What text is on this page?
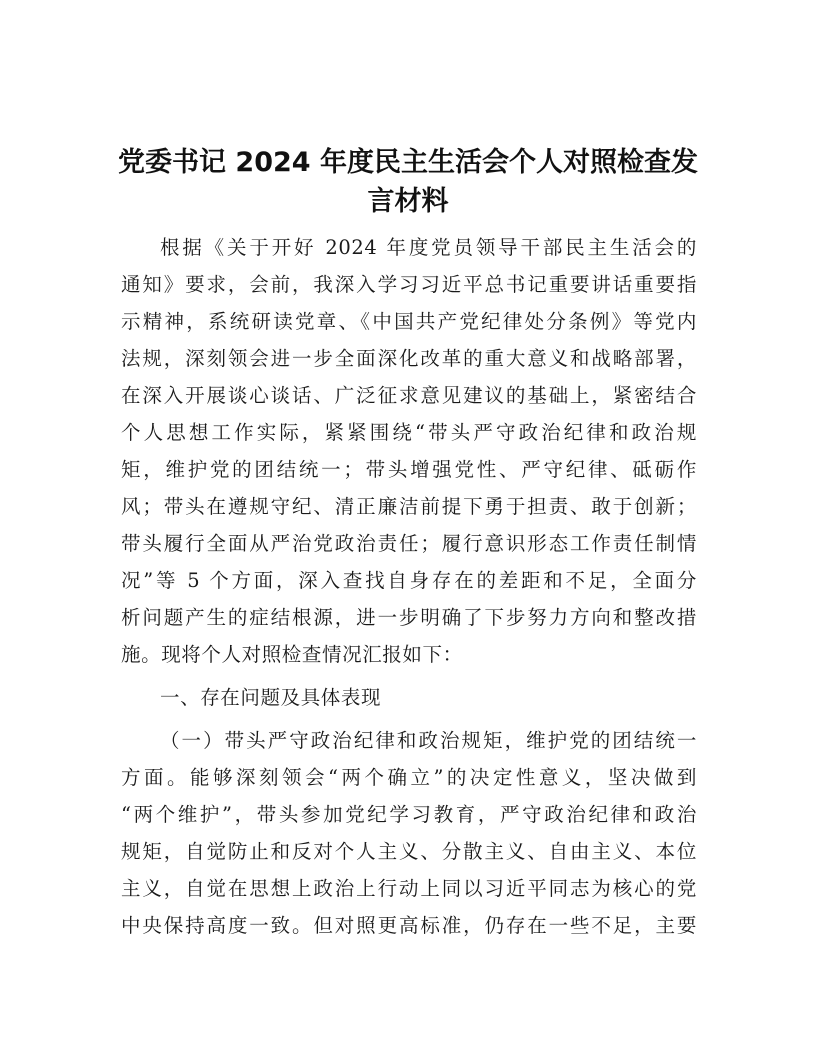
党委书记 2024 年度民主生活会个人对照检查发
言材料
根据《关于开好 2024 年度党员领导干部民主生活会的
通知》要求，会前，我深入学习习近平总书记重要讲话重要指
示精神，系统研读党章、《中国共产党纪律处分条例》等党内
法规，深刻领会进一步全面深化改革的重大意义和战略部署，
在深入开展谈心谈话、广泛征求意见建议的基础上，紧密结合
个人思想工作实际，紧紧围绕“带头严守政治纪律和政治规
矩，维护党的团结统一；带头增强党性、严守纪律、砥砺作
风；带头在遵规守纪、清正廉洁前提下勇于担责、敢于创新；
带头履行全面从严治党政治责任；履行意识形态工作责任制情
况”等 5 个方面，深入查找自身存在的差距和不足，全面分
析问题产生的症结根源，进一步明确了下步努力方向和整改措
施。现将个人对照检查情况汇报如下：
一、存在问题及具体表现
（一）带头严守政治纪律和政治规矩，维护党的团结统一
方面。能够深刻领会“两个确立”的决定性意义，坚决做到
“两个维护”，带头参加党纪学习教育，严守政治纪律和政治
规矩，自觉防止和反对个人主义、分散主义、自由主义、本位
主义，自觉在思想上政治上行动上同以习近平同志为核心的党
中央保持高度一致。但对照更高标准，仍存在一些不足，主要
